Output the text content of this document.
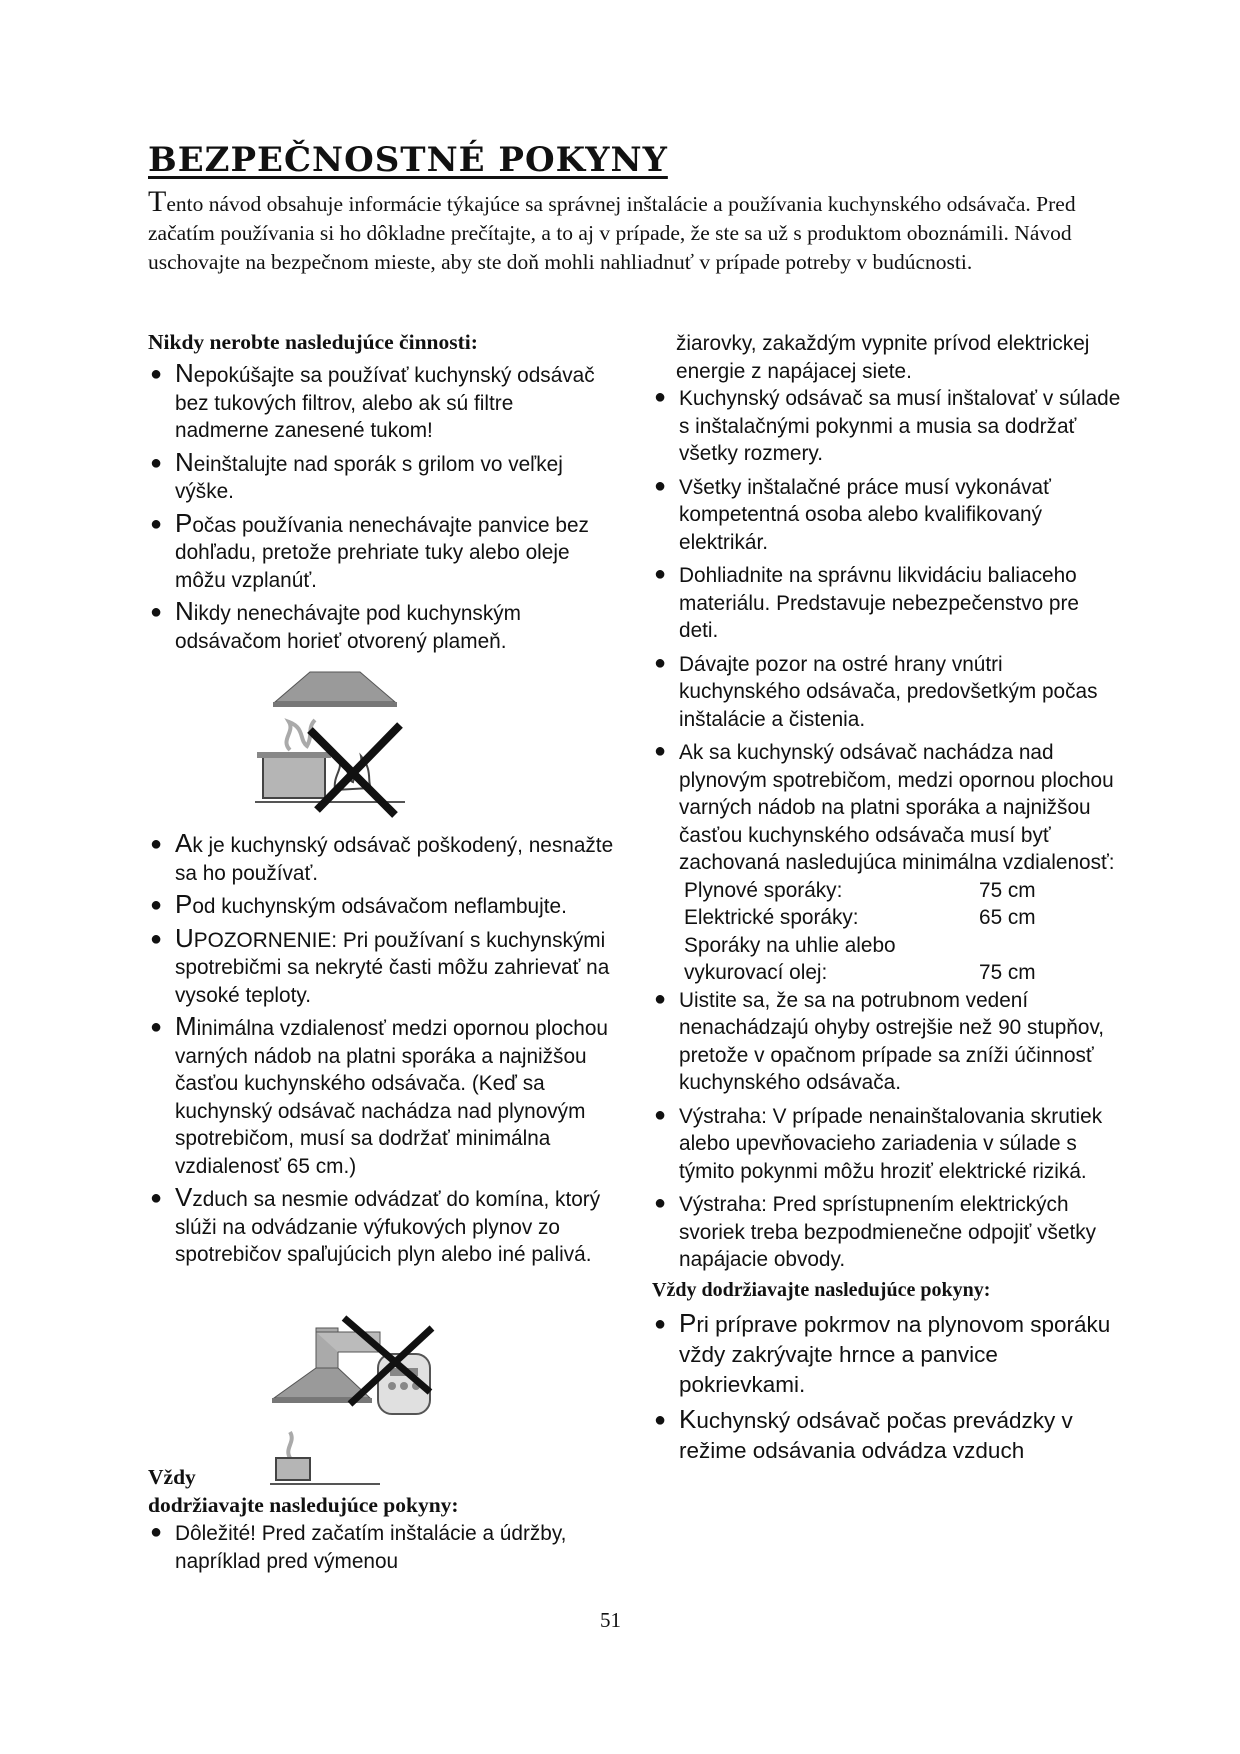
BEZPEČNOSTNÉ POKYNY
Tento návod obsahuje informácie týkajúce sa správnej inštalácie a používania kuchynského odsávača. Pred začatím používania si ho dôkladne prečítajte, a to aj v prípade, že ste sa už s produktom oboznámili. Návod uschovajte na bezpečnom mieste, aby ste doň mohli nahliadnuť v prípade potreby v budúcnosti.
Nikdy nerobte nasledujúce činnosti:

● Nepokúšajte sa používať kuchynský odsávač bez tukových filtrov, alebo ak sú filtre nadmerne zanesené tukom!

● Neinštalujte nad sporák s grilom vo veľkej výške.

● Počas používania nenechávajte panvice bez dohľadu, pretože prehriate tuky alebo oleje môžu vzplanúť.

● Nikdy nenechávajte pod kuchynským odsávačom horieť otvorený plameň.

● Ak je kuchynský odsávač poškodený, nesnažte sa ho používať.

● Pod kuchynským odsávačom neflambujte.

● UPOZORNENIE: Pri používaní s kuchynskými spotrebičmi sa nekryté časti môžu zahrievať na vysoké teploty.

● Minimálna vzdialenosť medzi opornou plochou varných nádob na platni sporáka a najnižšou časťou kuchynského odsávača. (Keď sa kuchynský odsávač nachádza nad plynovým spotrebičom, musí sa dodržať minimálna vzdialenosť 65 cm.)

● Vzduch sa nesmie odvádzať do komína, ktorý slúži na odvádzanie výfukových plynov zo spotrebičov spaľujúcich plyn alebo iné palivá.

Vždy
dodržiavajte nasledujúce pokyny:

● Dôležité! Pred začatím inštalácie a údržby, napríklad pred výmenou

žiarovky, zakaždým vypnite prívod elektrickej energie z napájacej siete.

● Kuchynský odsávač sa musí inštalovať v súlade s inštalačnými pokynmi a musia sa dodržať všetky rozmery.

● Všetky inštalačné práce musí vykonávať kompetentná osoba alebo kvalifikovaný elektrikár.

● Dohliadnite na správnu likvidáciu baliaceho materiálu. Predstavuje nebezpečenstvo pre deti.

● Dávajte pozor na ostré hrany vnútri kuchynského odsávača, predovšetkým počas inštalácie a čistenia.

● Ak sa kuchynský odsávač nachádza nad plynovým spotrebičom, medzi opornou plochou varných nádob na platni sporáka a najnižšou časťou kuchynského odsávača musí byť zachovaná nasledujúca minimálna vzdialenosť:

Plynové sporáky:	75 cm
Elektrické sporáky:	65 cm
Sporáky na uhlie alebo
vykurovací olej:	75 cm

● Uistite sa, že sa na potrubnom vedení nenachádzajú ohyby ostrejšie než 90 stupňov, pretože v opačnom prípade sa zníži účinnosť kuchynského odsávača.

● Výstraha: V prípade nenainštalovania skrutiek alebo upevňovacieho zariadenia v súlade s týmito pokynmi môžu hroziť elektrické riziká.

● Výstraha: Pred sprístupnením elektrických svoriek treba bezpodmienečne odpojiť všetky napájacie obvody.

Vždy dodržiavajte nasledujúce pokyny:

● Pri príprave pokrmov na plynovom sporáku vždy zakrývajte hrnce a panvice pokrievkami.

● Kuchynský odsávač počas prevádzky v režime odsávania odvádza vzduch

51
